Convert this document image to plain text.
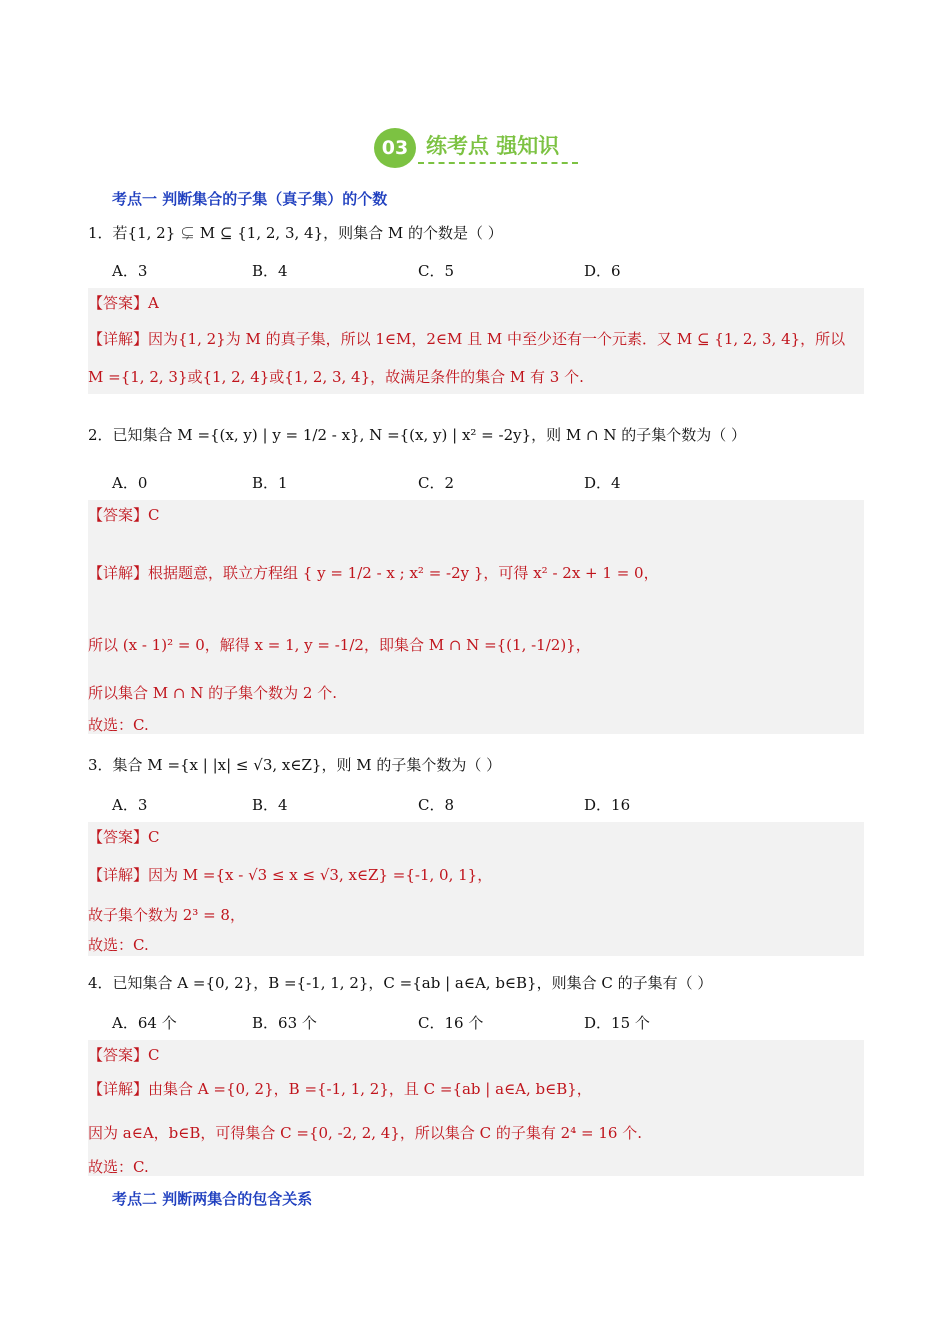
03 练考点 强知识
考点一 判断集合的子集（真子集）的个数
1．若{1, 2} ⊊ M ⊆ {1, 2, 3, 4}，则集合 M 的个数是（ ）
A．3	B．4	C．5	D．6
【答案】A
【详解】因为{1, 2}为 M 的真子集，所以 1∈M，2∈M 且 M 中至少还有一个元素．又 M ⊆ {1, 2, 3, 4}，所以
M ={1, 2, 3}或{1, 2, 4}或{1, 2, 3, 4}，故满足条件的集合 M 有 3 个.
2．已知集合 M ={(x, y) | y = 1/2 - x}, N ={(x, y) | x² = -2y}，则 M ∩ N 的子集个数为（ ）
A．0	B．1	C．2	D．4
【答案】C
【详解】根据题意，联立方程组 { y = 1/2 - x ; x² = -2y }，可得 x² - 2x + 1 = 0，
所以 (x - 1)² = 0，解得 x = 1, y = -1/2，即集合 M ∩ N ={(1, -1/2)}，
所以集合 M ∩ N 的子集个数为 2 个.
故选：C.
3．集合 M ={x | |x| ≤ √3, x∈Z}，则 M 的子集个数为（ ）
A．3	B．4	C．8	D．16
【答案】C
【详解】因为 M ={x - √3 ≤ x ≤ √3, x∈Z} ={-1, 0, 1}，
故子集个数为 2³ = 8，
故选：C.
4．已知集合 A ={0, 2}，B ={-1, 1, 2}，C ={ab | a∈A, b∈B}，则集合 C 的子集有（ ）
A．64 个	B．63 个	C．16 个	D．15 个
【答案】C
【详解】由集合 A ={0, 2}，B ={-1, 1, 2}，且 C ={ab | a∈A, b∈B}，
因为 a∈A，b∈B，可得集合 C ={0, -2, 2, 4}，所以集合 C 的子集有 2⁴ = 16 个.
故选：C.
考点二 判断两集合的包含关系
